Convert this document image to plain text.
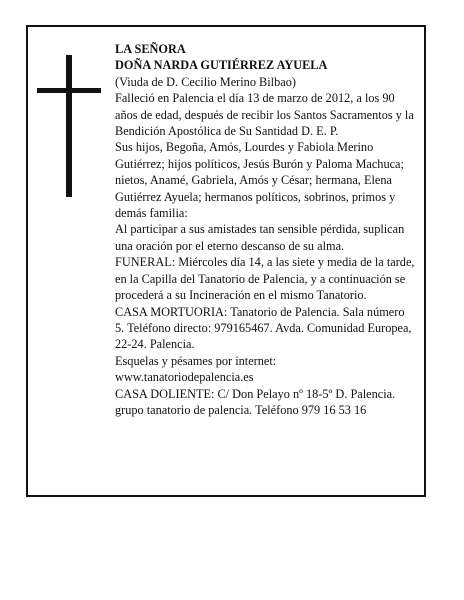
LA SEÑORA

DOÑA NARDA GUTIÉRREZ AYUELA

(Viuda de D. Cecilio Merino Bilbao)

Falleció en Palencia el día 13 de marzo de 2012, a los 90 años de edad, después de recibir los Santos Sacramentos y la Bendición Apostólica de Su Santidad D. E. P.

Sus hijos, Begoña, Amós, Lourdes y Fabiola Merino Gutiérrez; hijos políticos, Jesús Burón y Paloma Machuca; nietos, Anamé, Gabriela, Amós y César; hermana, Elena Gutiérrez Ayuela; hermanos políticos, sobrinos, primos y demás familia:

Al participar a sus amistades tan sensible pérdida, suplican una oración por el eterno descanso de su alma.

FUNERAL: Miércoles día 14, a las siete y media de la tarde, en la Capilla del Tanatorio de Palencia, y a continuación se procederá a su Incineración en el mismo Tanatorio.

CASA MORTUORIA: Tanatorio de Palencia. Sala número 5. Teléfono directo: 979165467. Avda. Comunidad Europea, 22-24. Palencia.

Esquelas y pésames por internet: www.tanatoriodepalencia.es

CASA DOLIENTE: C/ Don Pelayo nº 18-5º D. Palencia.

grupo tanatorio de palencia. Teléfono 979 16 53 16
